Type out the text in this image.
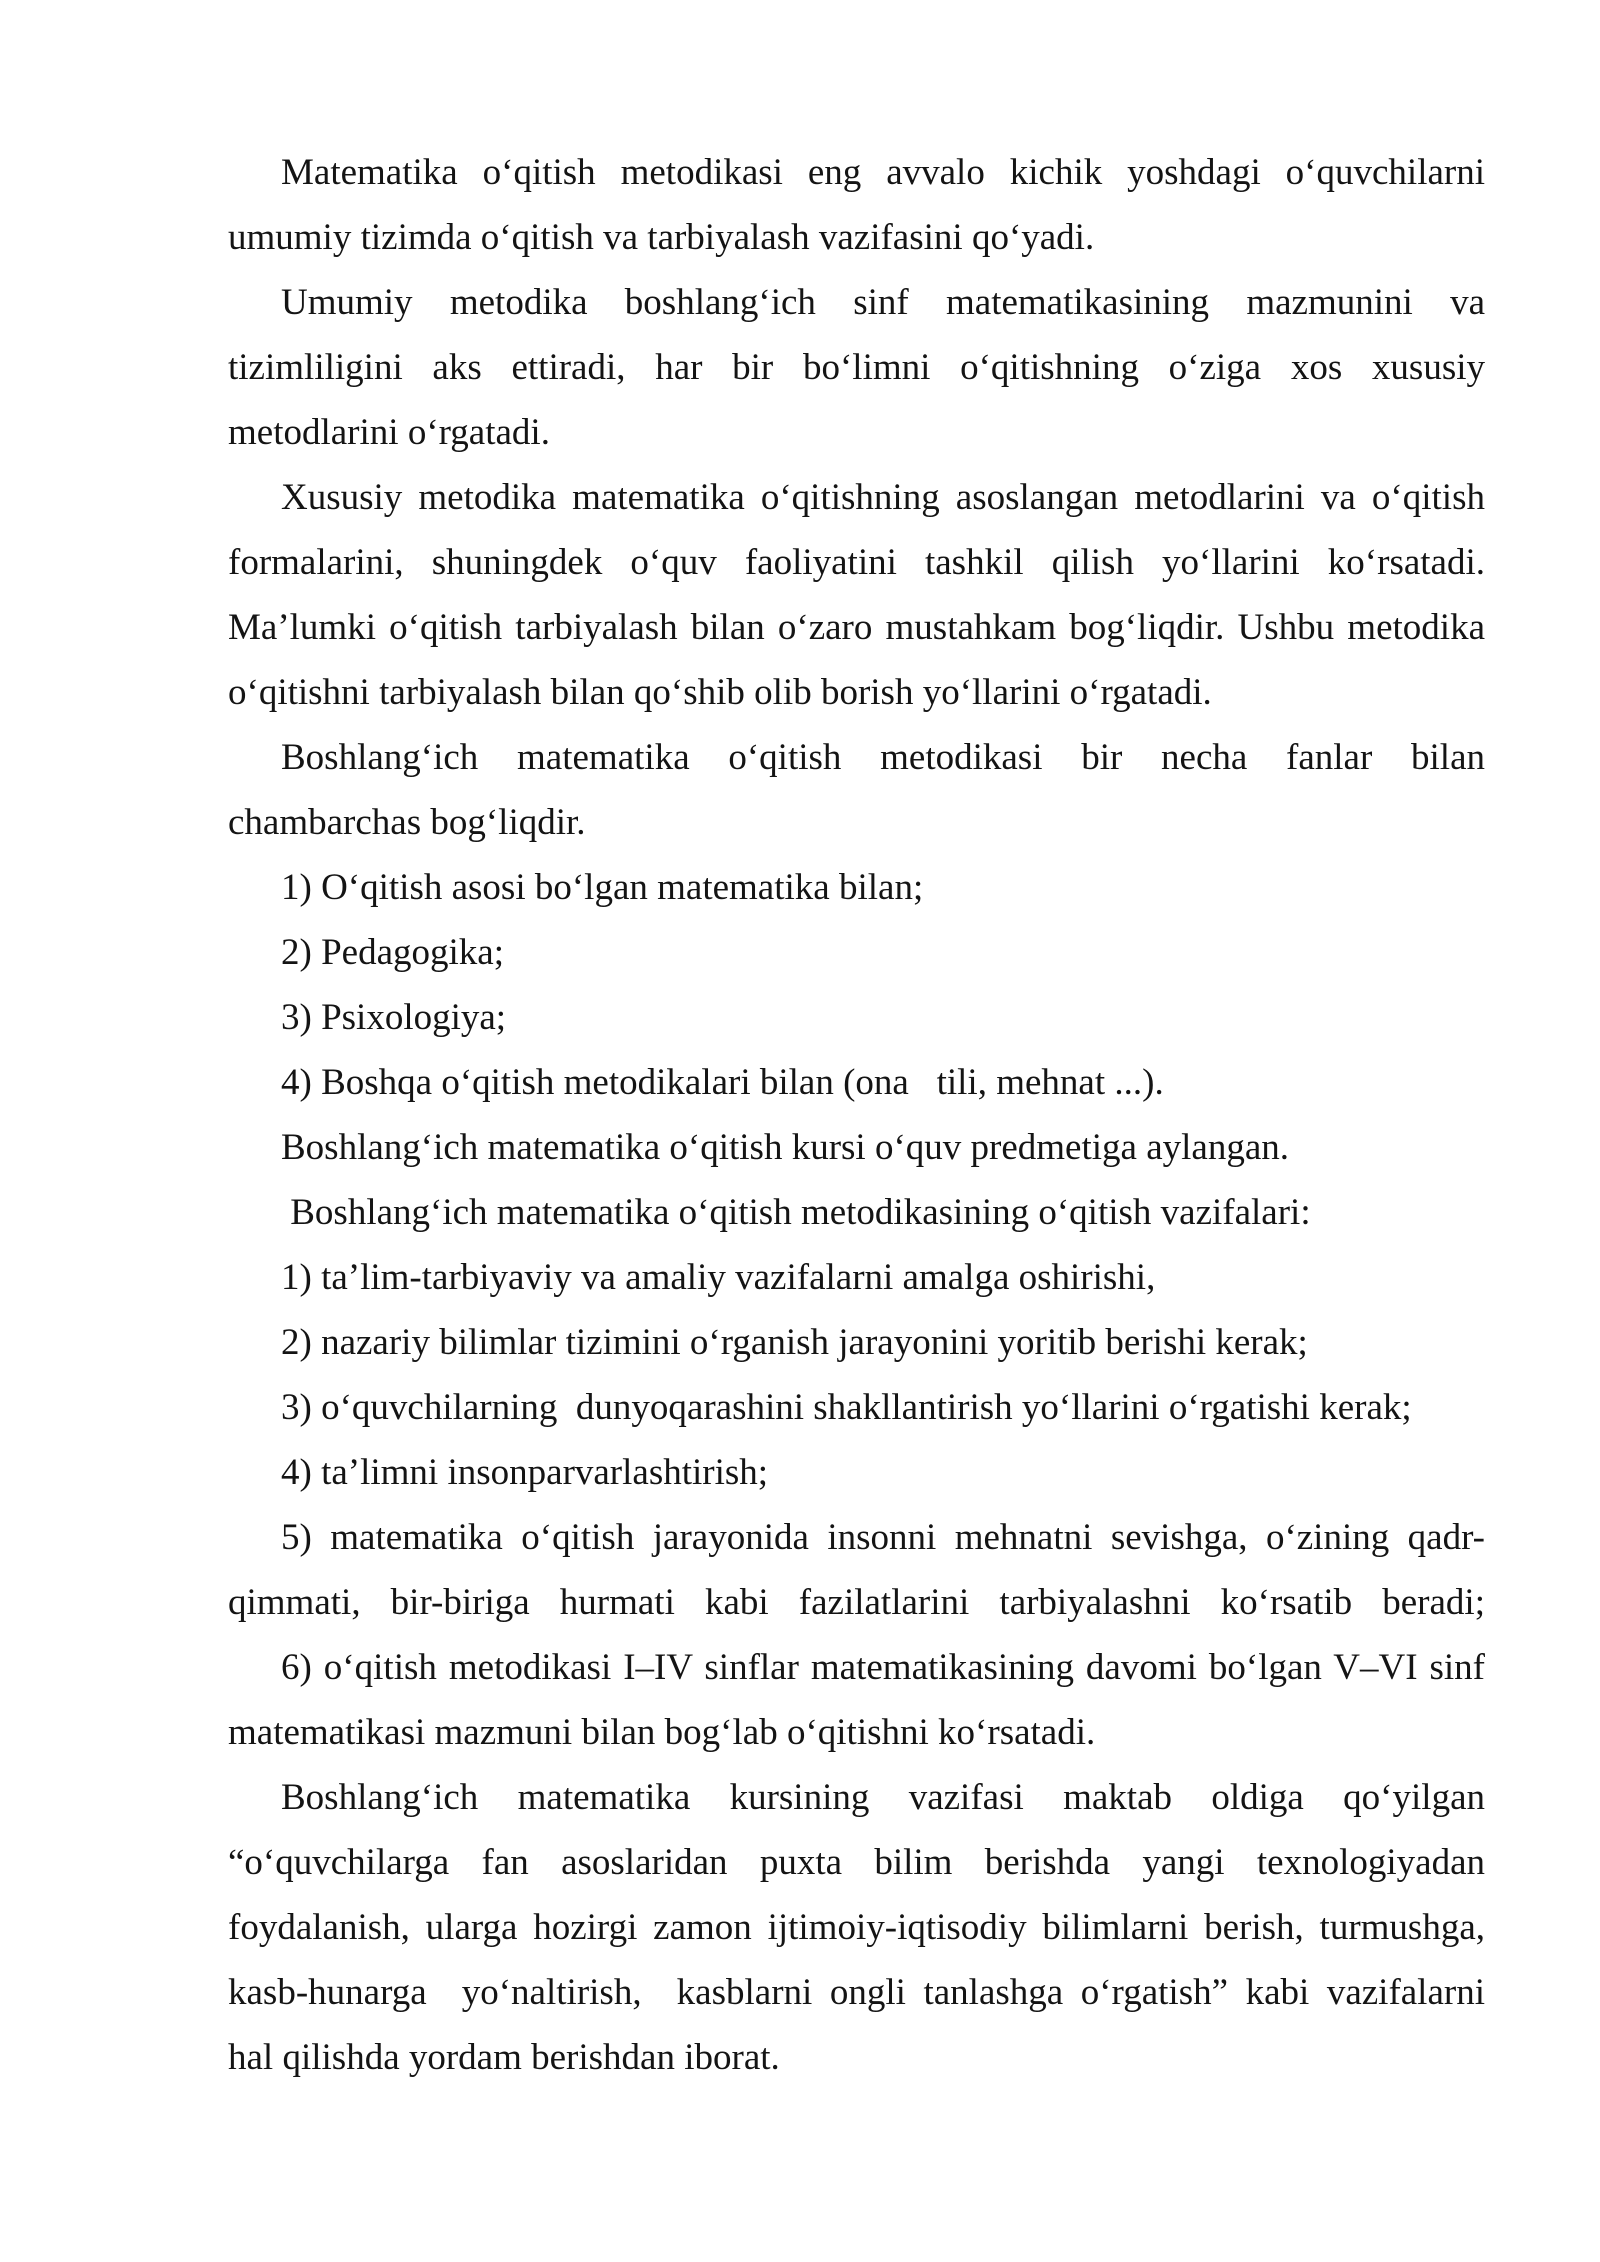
Matematika o‘qitish metodikasi eng avvalo kichik yoshdagi o‘quvchilarni
umumiy tizimda o‘qitish va tarbiyalash vazifasini qo‘yadi.
Umumiy metodika boshlang‘ich sinf matematikasining mazmunini va
tizimliligini aks ettiradi, har bir bo‘limni o‘qitishning o‘ziga xos xususiy
metodlarini o‘rgatadi.
Xususiy metodika matematika o‘qitishning asoslangan metodlarini va o‘qitish
formalarini, shuningdek o‘quv faoliyatini tashkil qilish yo‘llarini ko‘rsatadi.
Ma’lumki o‘qitish tarbiyalash bilan o‘zaro mustahkam bog‘liqdir. Ushbu metodika
o‘qitishni tarbiyalash bilan qo‘shib olib borish yo‘llarini o‘rgatadi.
Boshlang‘ich matematika o‘qitish metodikasi bir necha fanlar bilan
chambarchas bog‘liqdir.
1) O‘qitish asosi bo‘lgan matematika bilan;
2) Pedagogika;
3) Psixologiya;
4) Boshqa o‘qitish metodikalari bilan (ona   tili, mehnat ...).
Boshlang‘ich matematika o‘qitish kursi o‘quv predmetiga aylangan.
Boshlang‘ich matematika o‘qitish metodikasining o‘qitish vazifalari:
1) ta’lim-tarbiyaviy va amaliy vazifalarni amalga oshirishi,
2) nazariy bilimlar tizimini o‘rganish jarayonini yoritib berishi kerak;
3) o‘quvchilarning  dunyoqarashini shakllantirish yo‘llarini o‘rgatishi kerak;
4) ta’limni insonparvarlashtirish;
5) matematika o‘qitish jarayonida insonni mehnatni sevishga, o‘zining qadr-
qimmati, bir-biriga hurmati kabi fazilatlarini tarbiyalashni ko‘rsatib beradi;
6) o‘qitish metodikasi I–IV sinflar matematikasining davomi bo‘lgan V–VI sinf
matematikasi mazmuni bilan bog‘lab o‘qitishni ko‘rsatadi.
Boshlang‘ich matematika kursining vazifasi maktab oldiga qo‘yilgan
“o‘quvchilarga fan asoslaridan puxta bilim berishda yangi texnologiyadan
foydalanish, ularga hozirgi zamon ijtimoiy-iqtisodiy bilimlarni berish, turmushga,
kasb-hunarga  yo‘naltirish,  kasblarni ongli tanlashga o‘rgatish” kabi vazifalarni
hal qilishda yordam berishdan iborat.
